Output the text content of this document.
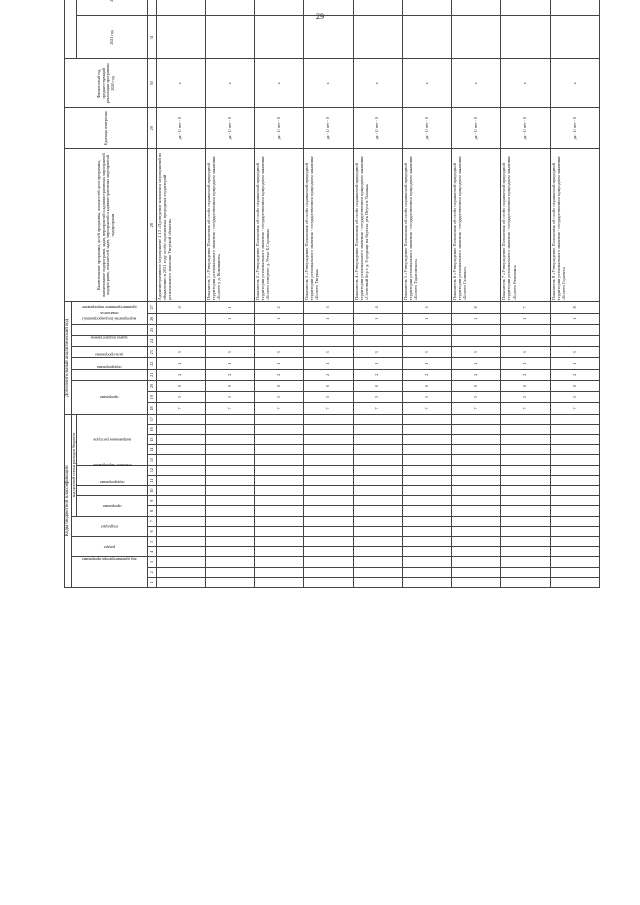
29
Коды бюджетной классификации																	Дополнительный аналитический код										Наименование программы, целей программы, показателей цели программы, наименование подпрограмм, задач, мероприятий и административных мероприятий подпрограмм, показателей задач, мероприятий и административных мероприятий подпрограмм	Единица измерения	Финансовый год, предшествующий реализации программы 2020 год		
код администратора программы			раздел		подраздел		код целевой статьи расходов бюджета										программа			подпрограмма	цель программы	задача подпрограммы	мероприятие (подмероприятие)	административное мероприятие	показатель											
							программа		подпрограмма	основное мероприятие		направление расходов																		2021 год						
1	2	3	4	5	6	7	8	9	10	11	12	13	14	15	16	17	18	19	20	21	22	23	24	25	26	27	28	29	30	31						
																	7	3	0	2	1	3				0	Административное мероприятие 2.13 «Проведение комплекса мероприятий по объявлению в 2021 году особо охраняемых природных территорий регионального значения Тверской области»	да - 1/ нет - 0	х							
																	7	3	0	2	1	3			1	1	Показатель 1 «Утверждение Положения об особо охраняемой природной территории регионального значения - государственном природном заказнике «Болото у д. Коковкино»	да - 1/ нет - 0	х							
																	7	3	0	2	1	3			1	2	Показатель 2 «Утверждение Положения об особо охраняемой природной территории регионального значения - государственном природном заказнике «Болото севернее д. Устье Б.Соринка»	да - 1/ нет - 0	х							
																	7	3	0	2	1	3			1	3	Показатель 3 «Утверждение Положения об особо охраняемой природной территории регионального значения - государственном природном заказнике «Болото Тверка»	да - 1/ нет - 0	х							
																	7	3	0	2	1	3			1	4	Показатель 4 «Утверждение Положения об особо охраняемой природной территории регионального значения - государственном природном заказнике «Сосновый бор с д. Городище на берегах рек Осуга и Тьмака»	да - 1/ нет - 0	х							
																	7	3	0	2	1	3			1	5	Показатель 5 «Утверждение Положения об особо охраняемой природной территории регионального значения - государственном природном заказнике «Болото Тарасовское»	да - 1/ нет - 0	х							
																	7	3	0	2	1	3			1	6	Показатель 6 «Утверждение Положения об особо охраняемой природной территории регионального значения - государственном природном заказнике «Болото Галичье»	да - 1/ нет - 0	х							
																	7	3	0	2	1	3			1	7	Показатель 7 «Утверждение Положения об особо охраняемой природной территории регионального значения - государственном природном заказнике «Болото Рамешко»	да - 1/ нет - 0	х							
																	7	3	0	2	1	3			1	8	Показатель 8 «Утверждение Положения об особо охраняемой природной территории регионального значения - государственном природном заказнике «Болото Горячее»	да - 1/ нет - 0	х							
